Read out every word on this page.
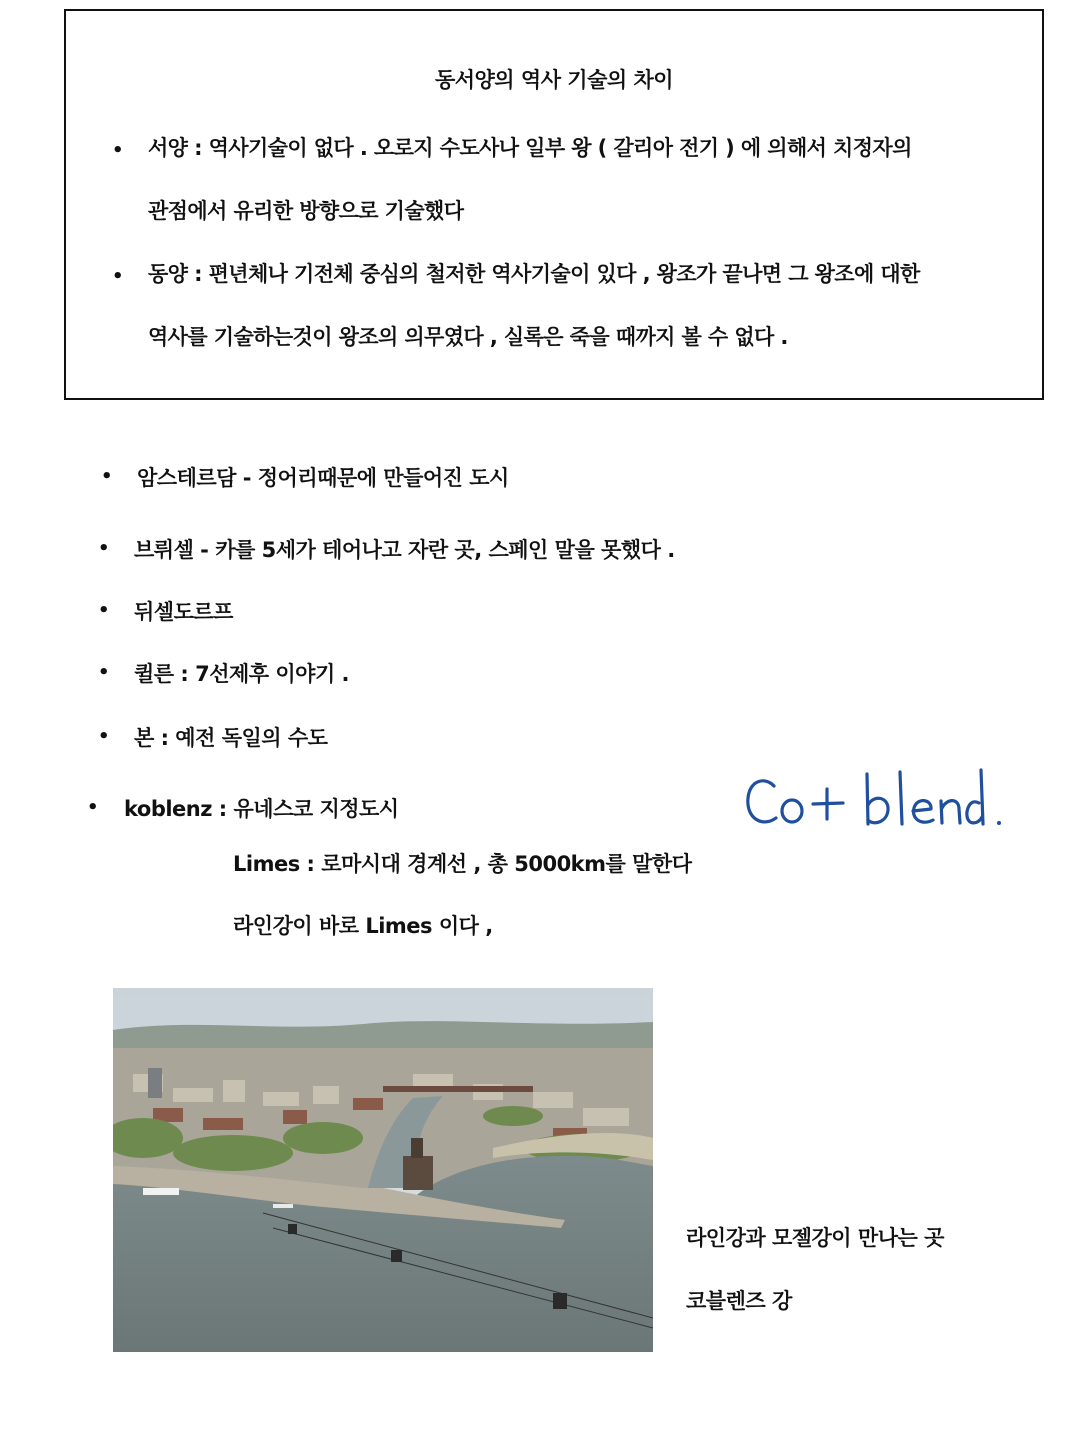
동서양의 역사 기술의 차이
• 서양 : 역사기술이 없다 . 오로지 수도사나 일부 왕 ( 갈리아 전기 ) 에 의해서 치정자의
관점에서 유리한 방향으로 기술했다
• 동양 : 편년체나 기전체 중심의 철저한 역사기술이 있다 , 왕조가 끝나면 그 왕조에 대한
역사를 기술하는것이 왕조의 의무였다 , 실록은 죽을 때까지 볼 수 없다 .
• 암스테르담 - 정어리때문에 만들어진 도시
• 브뤼셀 - 카를 5세가 테어나고 자란 곳, 스페인 말을 못했다 .
• 뒤셀도르프
• 퀼른 : 7선제후 이야기 .
• 본 : 예전 독일의 수도
• koblenz : 유네스코 지정도시
Limes : 로마시대 경계선 , 총 5000km를 말한다
라인강이 바로 Limes 이다 ,
라인강과 모젤강이 만나는 곳
코블렌즈 강
